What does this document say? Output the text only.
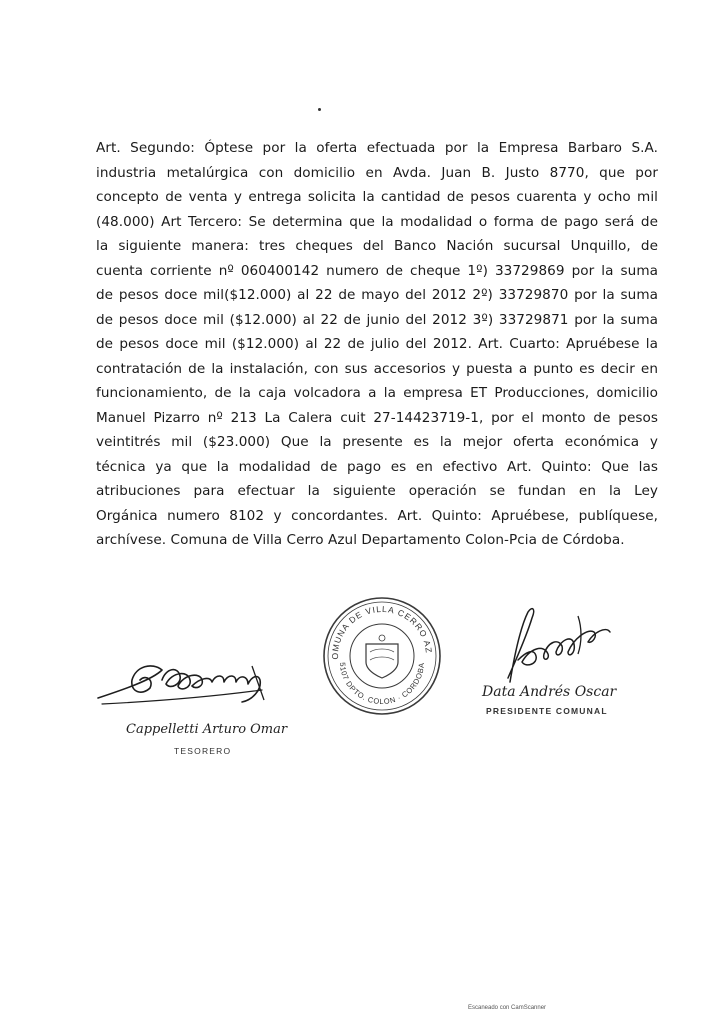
Art. Segundo: Óptese por la oferta efectuada por la Empresa Barbaro S.A.
industria metalúrgica con domicilio en Avda. Juan B. Justo 8770, que por
concepto de venta y entrega solicita la cantidad de pesos cuarenta y ocho mil
(48.000) Art Tercero: Se determina que la modalidad o forma de pago será de
la siguiente manera: tres cheques del Banco Nación sucursal Unquillo, de
cuenta corriente nº 060400142 numero de cheque 1º) 33729869 por la suma
de pesos doce mil($12.000) al 22 de mayo del 2012 2º) 33729870 por la suma
de pesos doce mil ($12.000) al 22 de junio del 2012 3º) 33729871 por la suma
de pesos doce mil ($12.000) al 22 de julio del 2012. Art. Cuarto: Apruébese la
contratación de la instalación, con sus accesorios y puesta a punto es decir en
funcionamiento, de la caja volcadora a la empresa ET Producciones, domicilio
Manuel Pizarro nº 213 La Calera cuit 27-14423719-1, por el monto de pesos
veintitrés mil ($23.000) Que la presente es la mejor oferta económica y
técnica ya que la modalidad de pago es en efectivo Art. Quinto: Que las
atribuciones para efectuar la siguiente operación se fundan en la Ley
Orgánica numero 8102 y concordantes. Art. Quinto: Apruébese, publíquese,
archívese. Comuna de Villa Cerro Azul Departamento Colon-Pcia de Córdoba.
Cappelletti Arturo Omar
TESORERO
OMUNA DE VILLA CERRO AZ
5107 DPTO. COLON · CORDOBA
Data Andrés Oscar
PRESIDENTE COMUNAL
Escaneado con CamScanner
